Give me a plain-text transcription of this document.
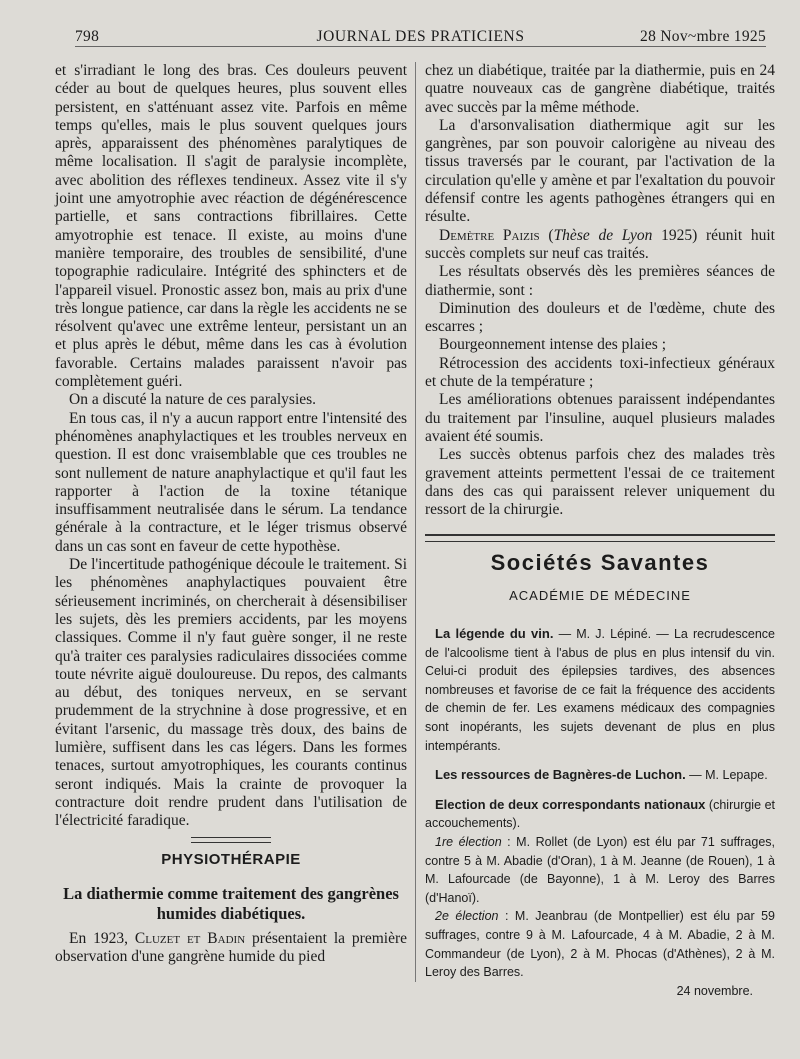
798	JOURNAL DES PRATICIENS	28 Nov~mbre 1925

et s'irradiant le long des bras. Ces douleurs peuvent céder au bout de quelques heures, plus souvent elles persistent, en s'atténuant assez vite. Parfois en même temps qu'elles, mais le plus souvent quelques jours après, apparaissent des phénomènes paralytiques de même localisation. Il s'agit de paralysie incomplète, avec abolition des réflexes tendineux. Assez vite il s'y joint une amyotrophie avec réaction de dégénérescence partielle, et sans contractions fibrillaires. Cette amyotrophie est tenace. Il existe, au moins d'une manière temporaire, des troubles de sensibilité, d'une topographie radiculaire. Intégrité des sphincters et de l'appareil visuel. Pronostic assez bon, mais au prix d'une très longue patience, car dans la règle les accidents ne se résolvent qu'avec une extrême lenteur, persistant un an et plus après le début, même dans les cas à évolution favorable. Certains malades paraissent n'avoir pas complètement guéri.

On a discuté la nature de ces paralysies.

En tous cas, il n'y a aucun rapport entre l'intensité des phénomènes anaphylactiques et les troubles nerveux en question. Il est donc vraisemblable que ces troubles ne sont nullement de nature anaphylactique et qu'il faut les rapporter à l'action de la toxine tétanique insuffisamment neutralisée dans le sérum. La tendance générale à la contracture, et le léger trismus observé dans un cas sont en faveur de cette hypothèse.

De l'incertitude pathogénique découle le traitement. Si les phénomènes anaphylactiques pouvaient être sérieusement incriminés, on chercherait à désensibiliser les sujets, dès les premiers accidents, par les moyens classiques. Comme il n'y faut guère songer, il ne reste qu'à traiter ces paralysies radiculaires dissociées comme toute névrite aiguë douloureuse. Du repos, des calmants au début, des toniques nerveux, en se servant prudemment de la strychnine à dose progressive, et en évitant l'arsenic, du massage très doux, des bains de lumière, suffisent dans les cas légers. Dans les formes tenaces, surtout amyotrophiques, les courants continus seront indiqués. Mais la crainte de provoquer la contracture doit rendre prudent dans l'utilisation de l'électricité faradique.

PHYSIOTHÉRAPIE
La diathermie comme traitement des gangrènes humides diabétiques.

En 1923, Cluzet et Badin présentaient la première observation d'une gangrène humide du pied

chez un diabétique, traitée par la diathermie, puis en 24 quatre nouveaux cas de gangrène diabétique, traités avec succès par la même méthode.

La d'arsonvalisation diathermique agit sur les gangrènes, par son pouvoir calorigène au niveau des tissus traversés par le courant, par l'activation de la circulation qu'elle y amène et par l'exaltation du pouvoir défensif contre les agents pathogènes étrangers qui en résulte.

Demètre Paizis (Thèse de Lyon 1925) réunit huit succès complets sur neuf cas traités.

Les résultats observés dès les premières séances de diathermie, sont :

Diminution des douleurs et de l'œdème, chute des escarres ;

Bourgeonnement intense des plaies ;

Rétrocession des accidents toxi-infectieux généraux et chute de la température ;

Les améliorations obtenues paraissent indépendantes du traitement par l'insuline, auquel plusieurs malades avaient été soumis.

Les succès obtenus parfois chez des malades très gravement atteints permettent l'essai de ce traitement dans des cas qui paraissent relever uniquement du ressort de la chirurgie.

Sociétés Savantes
ACADÉMIE DE MÉDECINE

La légende du vin. — M. J. Lépiné. — La recrudescence de l'alcoolisme tient à l'abus de plus en plus intensif du vin. Celui-ci produit des épilepsies tardives, des absences nombreuses et favorise de ce fait la fréquence des accidents de chemin de fer. Les examens médicaux des compagnies sont inopérants, les sujets devenant de plus en plus intempérants.

Les ressources de Bagnères-de Luchon. — M. Lepape.

Election de deux correspondants nationaux (chirurgie et accouchements).

1re élection : M. Rollet (de Lyon) est élu par 71 suffrages, contre 5 à M. Abadie (d'Oran), 1 à M. Jeanne (de Rouen), 1 à M. Lafourcade (de Bayonne), 1 à M. Leroy des Barres (d'Hanoï).

2e élection : M. Jeanbrau (de Montpellier) est élu par 59 suffrages, contre 9 à M. Lafourcade, 4 à M. Abadie, 2 à M. Commandeur (de Lyon), 2 à M. Phocas (d'Athènes), 2 à M. Leroy des Barres.

24 novembre.
